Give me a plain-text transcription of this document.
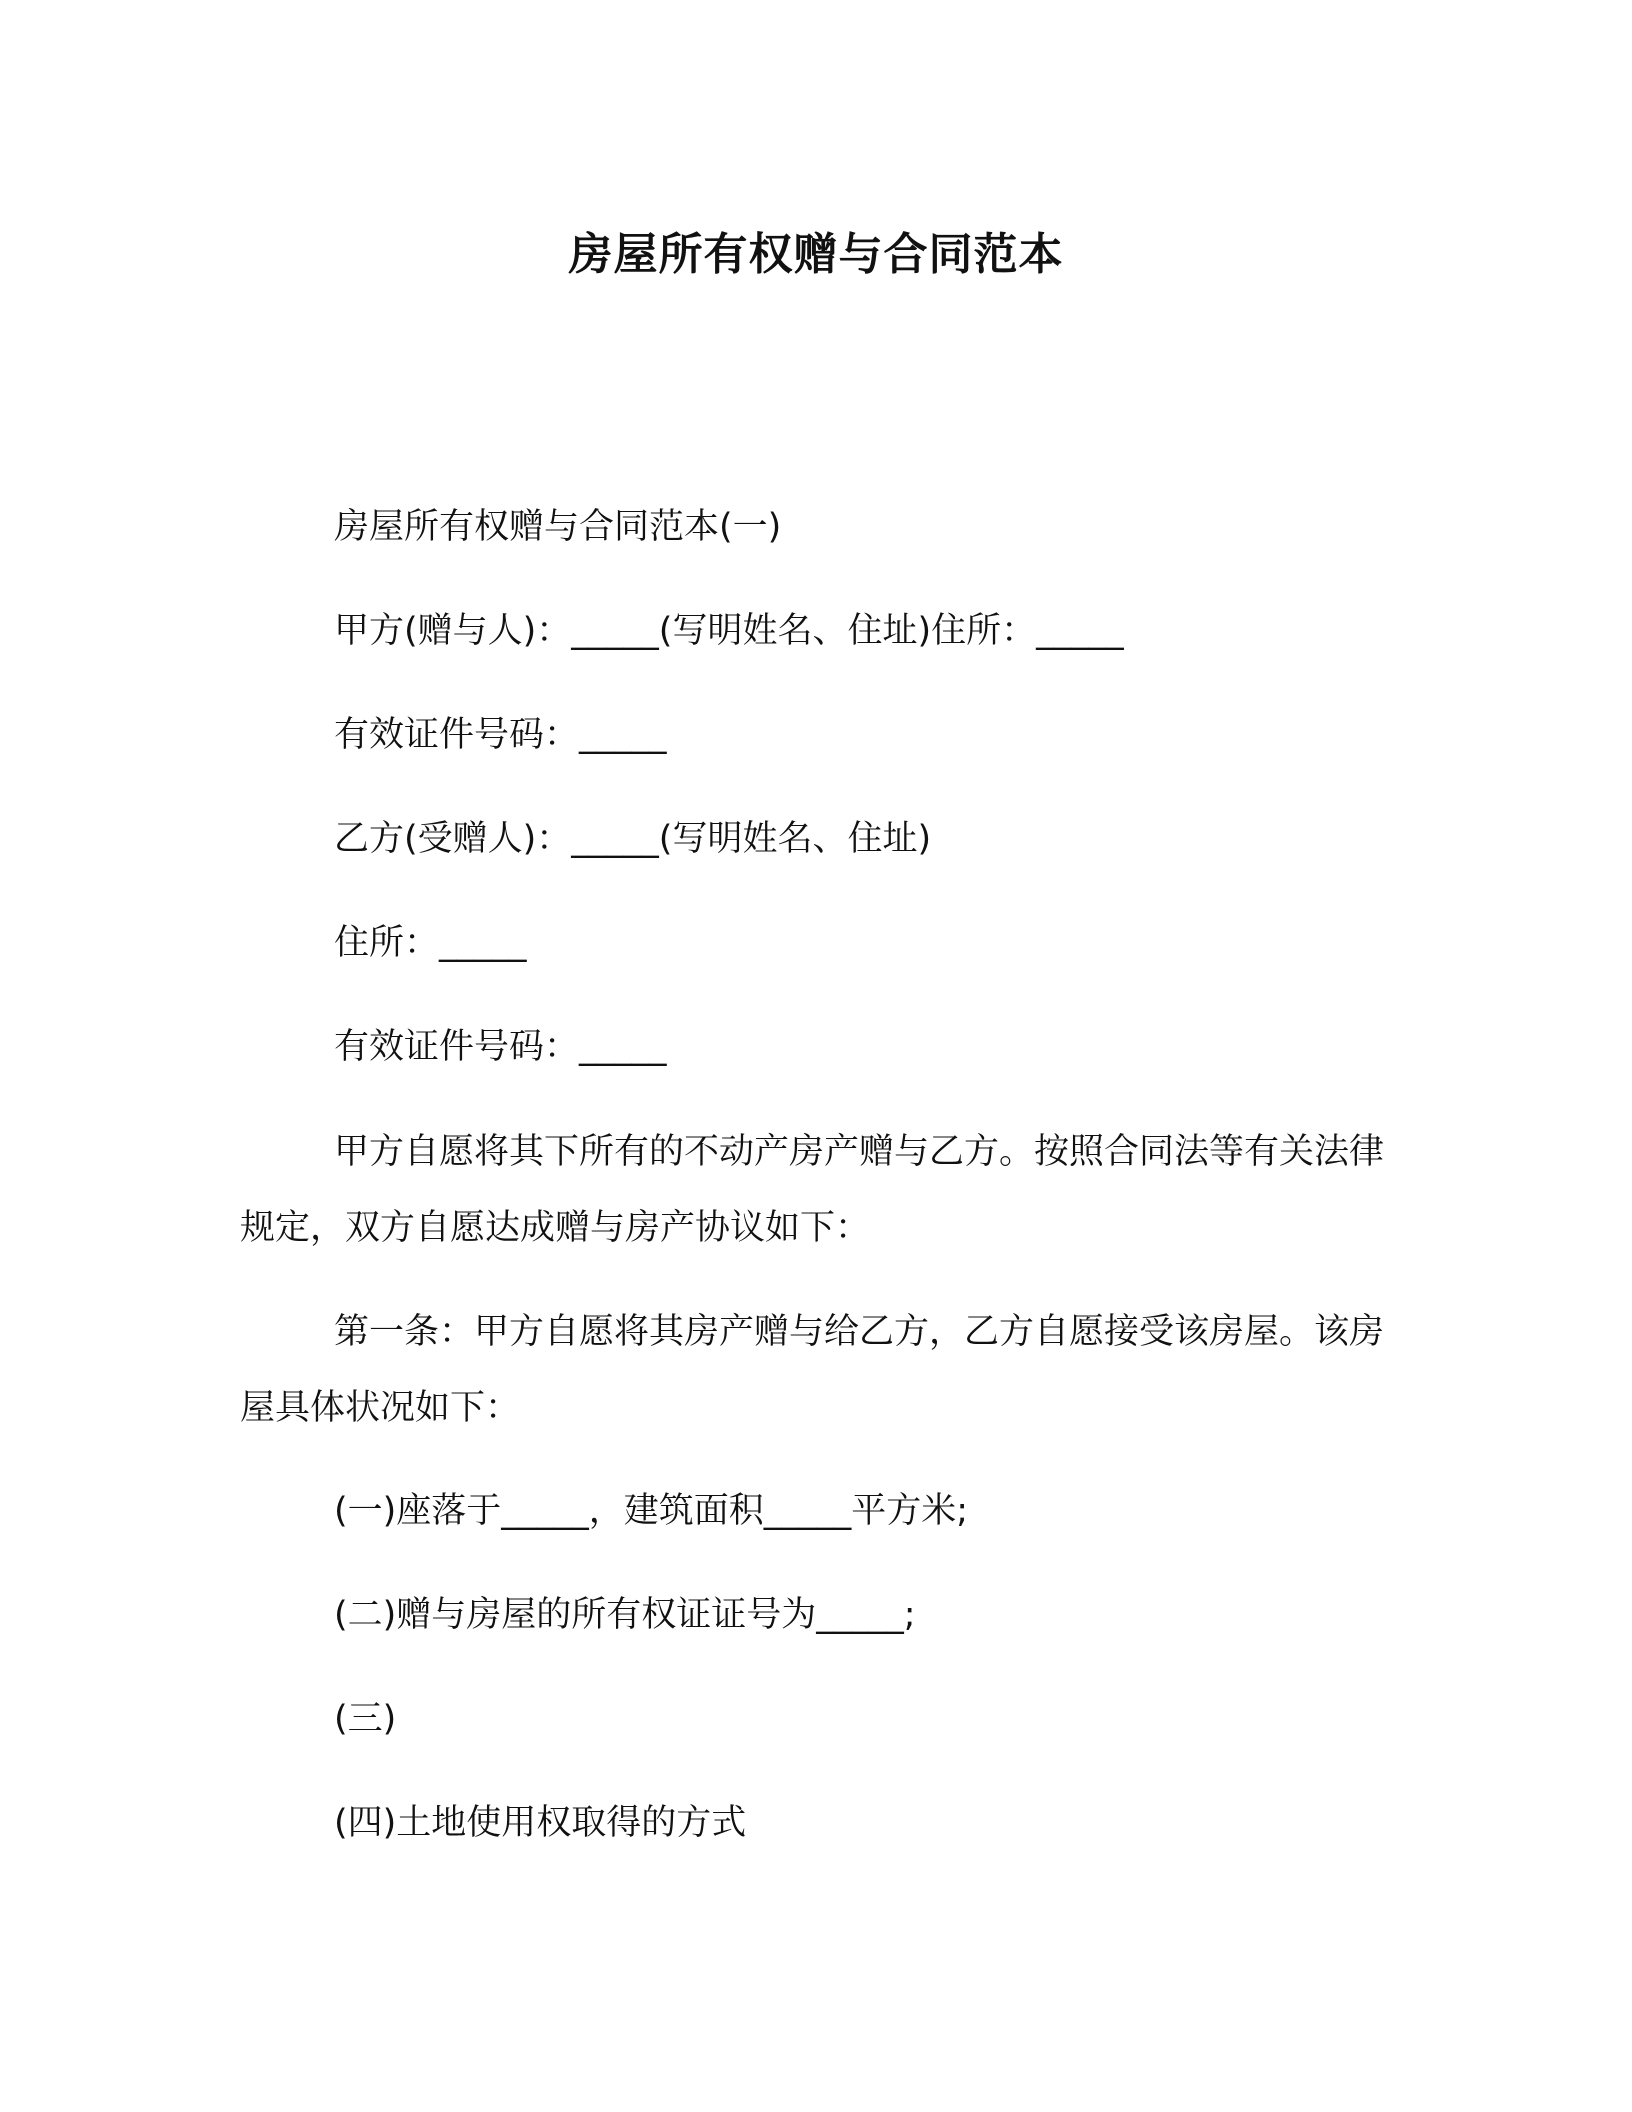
房屋所有权赠与合同范本

房屋所有权赠与合同范本(一)

甲方(赠与人)：_____(写明姓名、住址)住所：_____

有效证件号码：_____

乙方(受赠人)：_____(写明姓名、住址)

住所：_____

有效证件号码：_____

甲方自愿将其下所有的不动产房产赠与乙方。按照合同法等有关法律规定，双方自愿达成赠与房产协议如下：

第一条：甲方自愿将其房产赠与给乙方，乙方自愿接受该房屋。该房屋具体状况如下：

(一)座落于_____，建筑面积_____平方米;

(二)赠与房屋的所有权证证号为_____;

(三)

(四)土地使用权取得的方式
